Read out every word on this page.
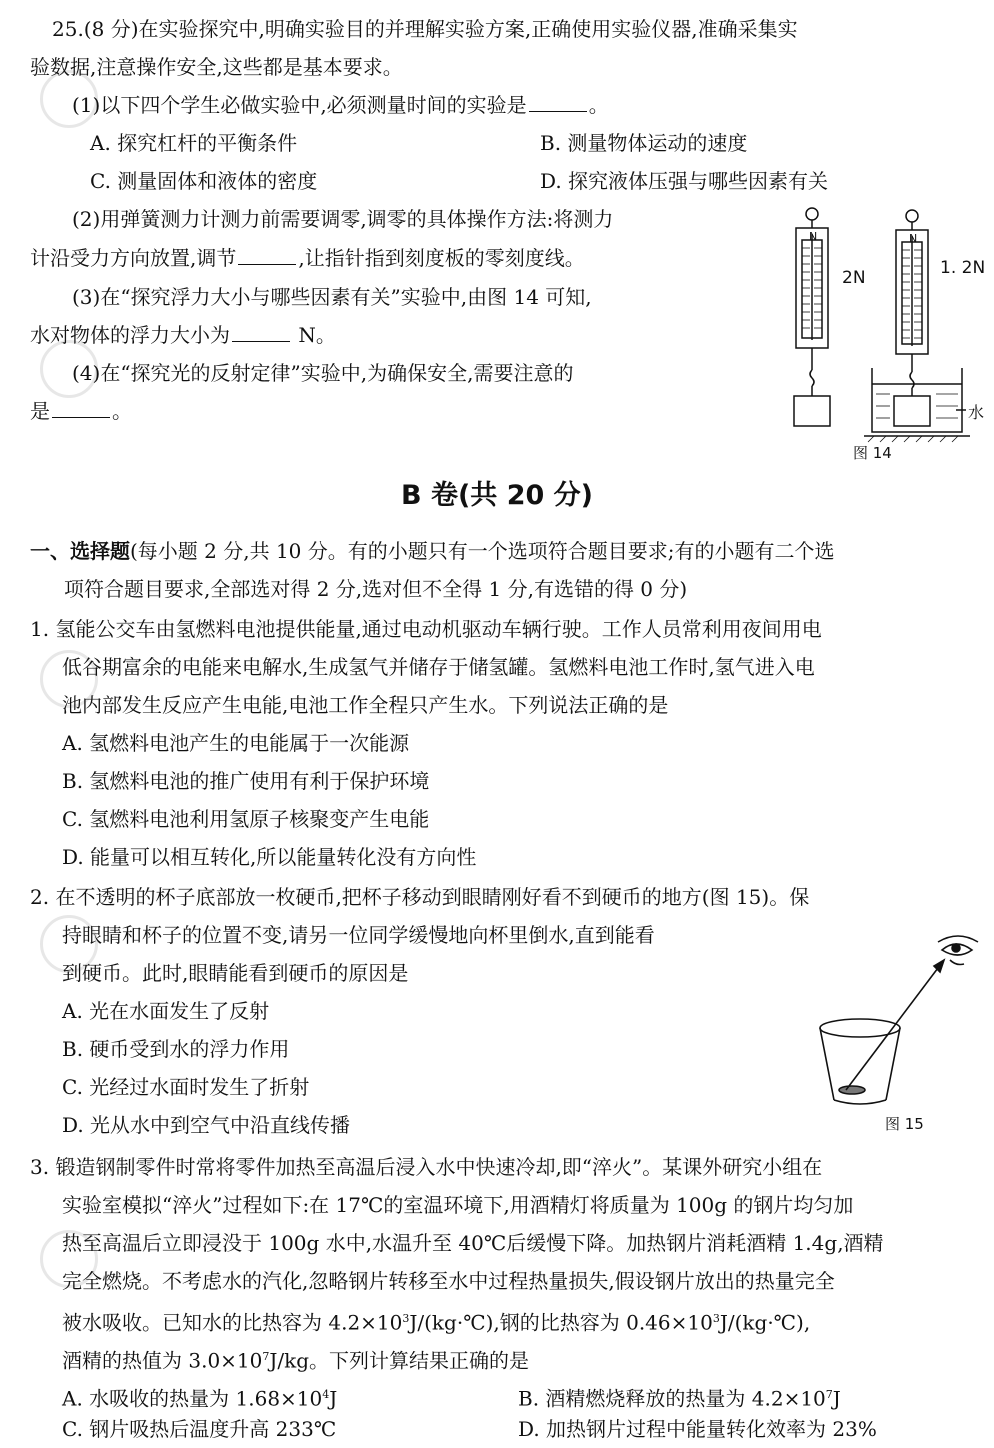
25.(8 分)在实验探究中,明确实验目的并理解实验方案,正确使用实验仪器,准确采集实
验数据,注意操作安全,这些都是基本要求。
(1)以下四个学生必做实验中,必须测量时间的实验是	。
A. 探究杠杆的平衡条件	B. 测量物体运动的速度
C. 测量固体和液体的密度	D. 探究液体压强与哪些因素有关
(2)用弹簧测力计测力前需要调零,调零的具体操作方法:将测力
计沿受力方向放置,调节	,让指针指到刻度板的零刻度线。
(3)在“探究浮力大小与哪些因素有关”实验中,由图 14 可知,
水对物体的浮力大小为	N。
(4)在“探究光的反射定律”实验中,为确保安全,需要注意的
是	。
N	N
2N	1. 2N
水
图 14
B 卷(共 20 分)
一、选择题(每小题 2 分,共 10 分。有的小题只有一个选项符合题目要求;有的小题有二个选
项符合题目要求,全部选对得 2 分,选对但不全得 1 分,有选错的得 0 分)
1. 氢能公交车由氢燃料电池提供能量,通过电动机驱动车辆行驶。工作人员常利用夜间用电
低谷期富余的电能来电解水,生成氢气并储存于储氢罐。氢燃料电池工作时,氢气进入电
池内部发生反应产生电能,电池工作全程只产生水。下列说法正确的是
A. 氢燃料电池产生的电能属于一次能源
B. 氢燃料电池的推广使用有利于保护环境
C. 氢燃料电池利用氢原子核聚变产生电能
D. 能量可以相互转化,所以能量转化没有方向性
2. 在不透明的杯子底部放一枚硬币,把杯子移动到眼睛刚好看不到硬币的地方(图 15)。保
持眼睛和杯子的位置不变,请另一位同学缓慢地向杯里倒水,直到能看
到硬币。此时,眼睛能看到硬币的原因是
A. 光在水面发生了反射
B. 硬币受到水的浮力作用
C. 光经过水面时发生了折射
D. 光从水中到空气中沿直线传播	图 15
3. 锻造钢制零件时常将零件加热至高温后浸入水中快速冷却,即“淬火”。某课外研究小组在
实验室模拟“淬火”过程如下:在 17℃的室温环境下,用酒精灯将质量为 100g 的钢片均匀加
热至高温后立即浸没于 100g 水中,水温升至 40℃后缓慢下降。加热钢片消耗酒精 1.4g,酒精
完全燃烧。不考虑水的汽化,忽略钢片转移至水中过程热量损失,假设钢片放出的热量完全
被水吸收。已知水的比热容为 $4.2\times 10^3J/(kg\cdot℃)$,钢的比热容为 $0.46\times 10^3J/(kg\cdot℃)$,
酒精的热值为 $3.0\times 10^7J/kg$。下列计算结果正确的是
A. 水吸收的热量为 $1.68\times 10^4J$	B. 酒精燃烧释放的热量为 $4.2\times 10^7J$
C. 钢片吸热后温度升高 233℃	D. 加热钢片过程中能量转化效率为 23%
